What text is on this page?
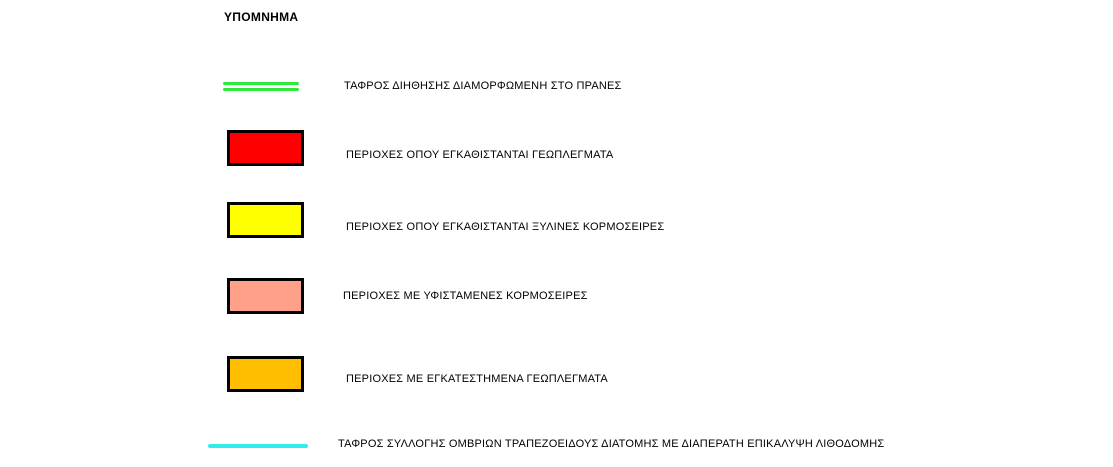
ΥΠΟΜΝΗΜΑ
ΤΑΦΡΟΣ ΔΙΗΘΗΣΗΣ ΔΙΑΜΟΡΦΩΜΕΝΗ ΣΤΟ ΠΡΑΝΕΣ
ΠΕΡΙΟΧΕΣ ΟΠΟΥ ΕΓΚΑΘΙΣΤΑΝΤΑΙ ΓΕΩΠΛΕΓΜΑΤΑ
ΠΕΡΙΟΧΕΣ ΟΠΟΥ ΕΓΚΑΘΙΣΤΑΝΤΑΙ ΞΥΛΙΝΕΣ ΚΟΡΜΟΣΕΙΡΕΣ
ΠΕΡΙΟΧΕΣ ΜΕ ΥΦΙΣΤΑΜΕΝΕΣ ΚΟΡΜΟΣΕΙΡΕΣ
ΠΕΡΙΟΧΕΣ ΜΕ ΕΓΚΑΤΕΣΤΗΜΕΝΑ ΓΕΩΠΛΕΓΜΑΤΑ
ΤΑΦΡΟΣ ΣΥΛΛΟΓΗΣ ΟΜΒΡΙΩΝ ΤΡΑΠΕΖΟΕΙΔΟΥΣ ΔΙΑΤΟΜΗΣ ΜΕ ΔΙΑΠΕΡΑΤΗ ΕΠΙΚΑΛΥΨΗ ΛΙΘΟΔΟΜΗΣ
